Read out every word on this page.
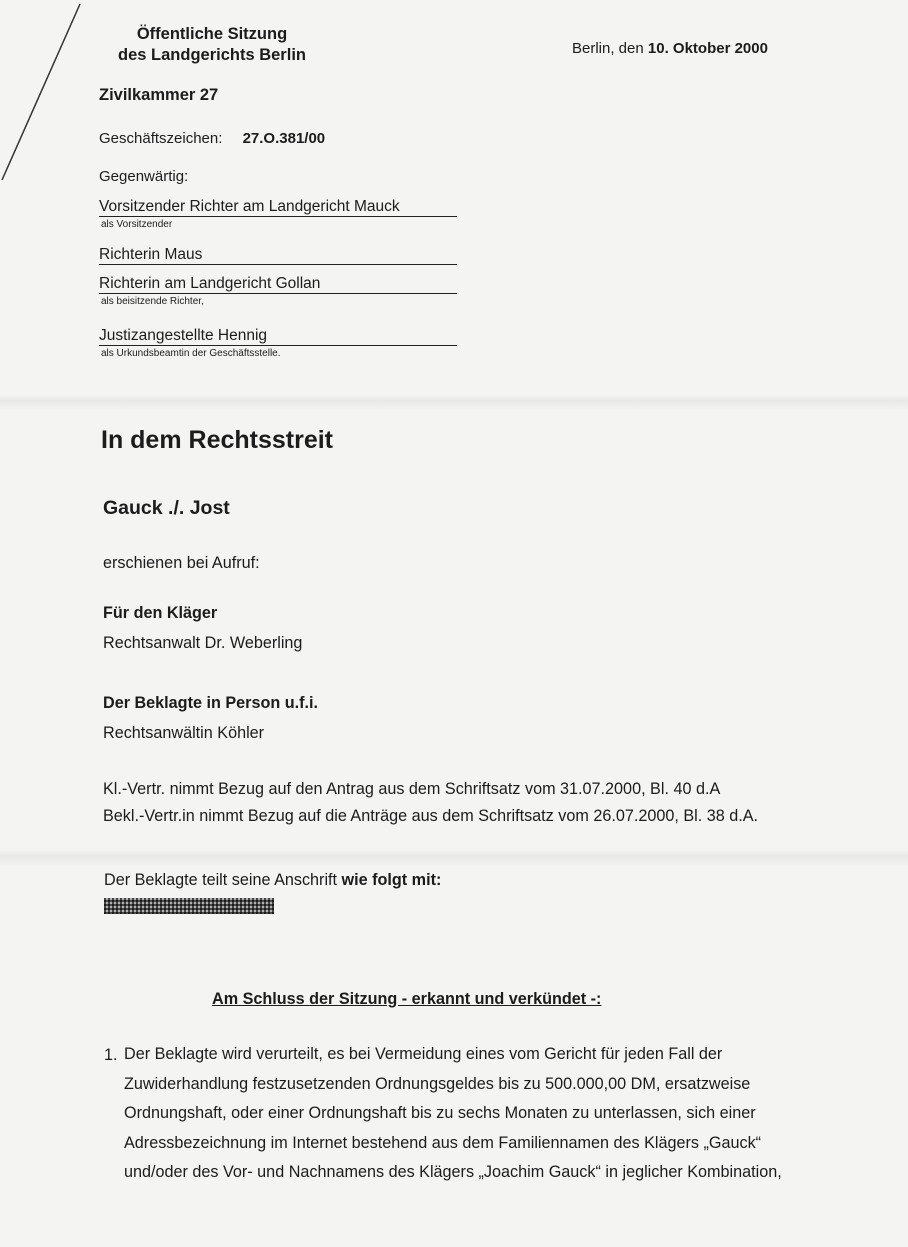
Öffentliche Sitzung
des Landgerichts Berlin	Berlin, den 10. Oktober 2000
Zivilkammer 27
Geschäftszeichen: 27.O.381/00
Gegenwärtig:
Vorsitzender Richter am Landgericht Mauck
als Vorsitzender
Richterin Maus
Richterin am Landgericht Gollan
als beisitzende Richter,
Justizangestellte Hennig
als Urkundsbeamtin der Geschäftsstelle.
In dem Rechtsstreit
Gauck ./. Jost
erschienen bei Aufruf:
Für den Kläger
Rechtsanwalt Dr. Weberling
Der Beklagte in Person u.f.i.
Rechtsanwältin Köhler
Kl.-Vertr. nimmt Bezug auf den Antrag aus dem Schriftsatz vom 31.07.2000, Bl. 40 d.A
Bekl.-Vertr.in nimmt Bezug auf die Anträge aus dem Schriftsatz vom 26.07.2000, Bl. 38 d.A.
Der Beklagte teilt seine Anschrift wie folgt mit:
Am Schluss der Sitzung - erkannt und verkündet -:
1. Der Beklagte wird verurteilt, es bei Vermeidung eines vom Gericht für jeden Fall der
Zuwiderhandlung festzusetzenden Ordnungsgeldes bis zu 500.000,00 DM, ersatzweise
Ordnungshaft, oder einer Ordnungshaft bis zu sechs Monaten zu unterlassen, sich einer
Adressbezeichnung im Internet bestehend aus dem Familiennamen des Klägers „Gauck“
und/oder des Vor- und Nachnamens des Klägers „Joachim Gauck“ in jeglicher Kombination,
